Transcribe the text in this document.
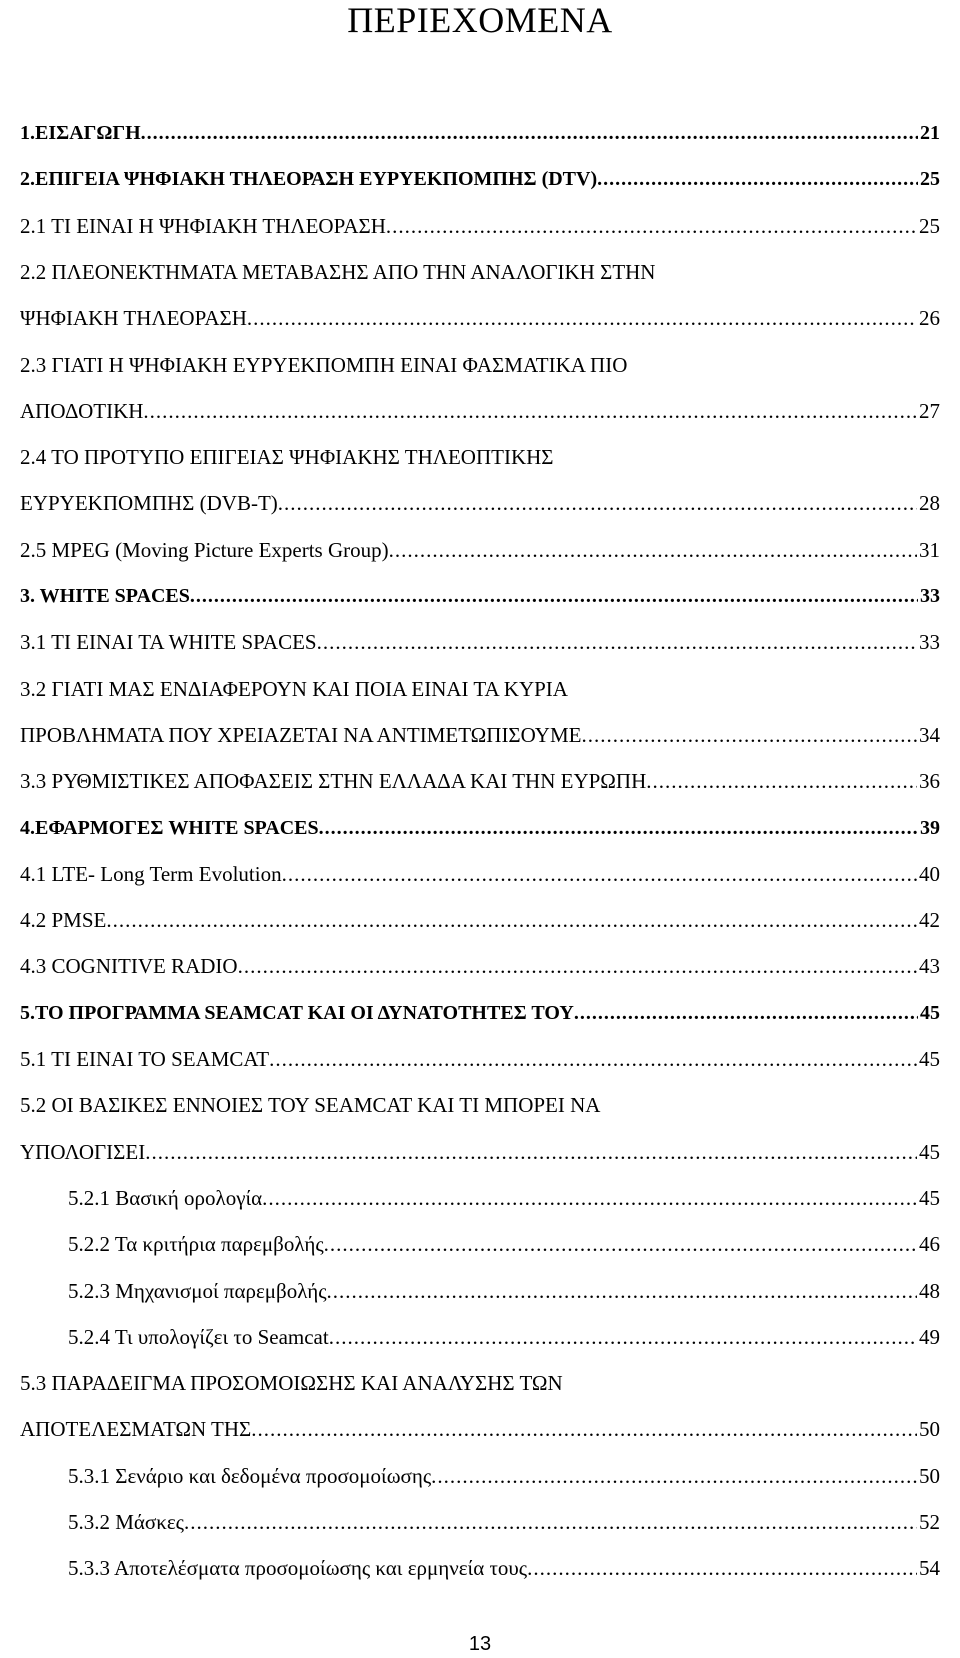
ΠΕΡΙΕΧΟΜΕΝΑ
1.ΕΙΣΑΓΩΓΗ .....	21
2.ΕΠΙΓΕΙΑ ΨΗΦΙΑΚΗ ΤΗΛΕΟΡΑΣΗ ΕΥΡΥΕΚΠΟΜΠΗΣ (DTV) .....	25
2.1 ΤΙ ΕΙΝΑΙ Η ΨΗΦΙΑΚΗ ΤΗΛΕΟΡΑΣΗ .....	25
2.2 ΠΛΕΟΝΕΚΤΗΜΑΤΑ ΜΕΤΑΒΑΣΗΣ ΑΠΟ ΤΗΝ ΑΝΑΛΟΓΙΚΗ ΣΤΗΝ
ΨΗΦΙΑΚΗ ΤΗΛΕΟΡΑΣΗ .....	26
2.3 ΓΙΑΤΙ Η ΨΗΦΙΑΚΗ ΕΥΡΥΕΚΠΟΜΠΗ ΕΙΝΑΙ ΦΑΣΜΑΤΙΚΑ ΠΙΟ
ΑΠΟΔΟΤΙΚΗ .....	27
2.4 ΤΟ ΠΡΟΤΥΠΟ ΕΠΙΓΕΙΑΣ ΨΗΦΙΑΚΗΣ ΤΗΛΕΟΠΤΙΚΗΣ
ΕΥΡΥΕΚΠΟΜΠΗΣ (DVB-T) .....	28
2.5 MPEG (Moving Picture Experts Group) .....	31
3. WHITE SPACES .....	33
3.1 ΤΙ ΕΙΝΑΙ ΤΑ WHITE SPACES .....	33
3.2 ΓΙΑΤΙ ΜΑΣ ΕΝΔΙΑΦΕΡΟΥΝ ΚΑΙ ΠΟΙΑ ΕΙΝΑΙ ΤΑ ΚΥΡΙΑ
ΠΡΟΒΛΗΜΑΤΑ ΠΟΥ ΧΡΕΙΑΖΕΤΑΙ ΝΑ ΑΝΤΙΜΕΤΩΠΙΣΟΥΜΕ .....	34
3.3 ΡΥΘΜΙΣΤΙΚΕΣ ΑΠΟΦΑΣΕΙΣ ΣΤΗΝ ΕΛΛΑΔΑ ΚΑΙ ΤΗΝ ΕΥΡΩΠΗ .....	36
4.ΕΦΑΡΜΟΓΕΣ WHITE SPACES .....	39
4.1 LTE- Long Term Evolution .....	40
4.2 PMSE .....	42
4.3 COGNITIVE RADIO .....	43
5.ΤΟ ΠΡΟΓΡΑΜΜΑ SEAMCAT ΚΑΙ ΟΙ ΔΥΝΑΤΟΤΗΤΕΣ ΤΟΥ .....	45
5.1 ΤΙ ΕΙΝΑΙ ΤΟ SEAMCAT .....	45
5.2 ΟΙ ΒΑΣΙΚΕΣ ΕΝΝΟΙΕΣ ΤΟΥ SEAMCAT ΚΑΙ ΤΙ ΜΠΟΡΕΙ ΝΑ
ΥΠΟΛΟΓΙΣΕΙ .....	45
5.2.1 Βασική ορολογία .....	45
5.2.2 Τα κριτήρια παρεμβολής .....	46
5.2.3 Μηχανισμοί παρεμβολής .....	48
5.2.4 Τι υπολογίζει το Seamcat .....	49
5.3 ΠΑΡΑΔΕΙΓΜΑ ΠΡΟΣΟΜΟΙΩΣΗΣ ΚΑΙ ΑΝΑΛΥΣΗΣ ΤΩΝ
ΑΠΟΤΕΛΕΣΜΑΤΩΝ ΤΗΣ .....	50
5.3.1 Σενάριο και δεδομένα προσομοίωσης .....	50
5.3.2 Μάσκες .....	52
5.3.3 Αποτελέσματα προσομοίωσης και ερμηνεία τους .....	54
13
